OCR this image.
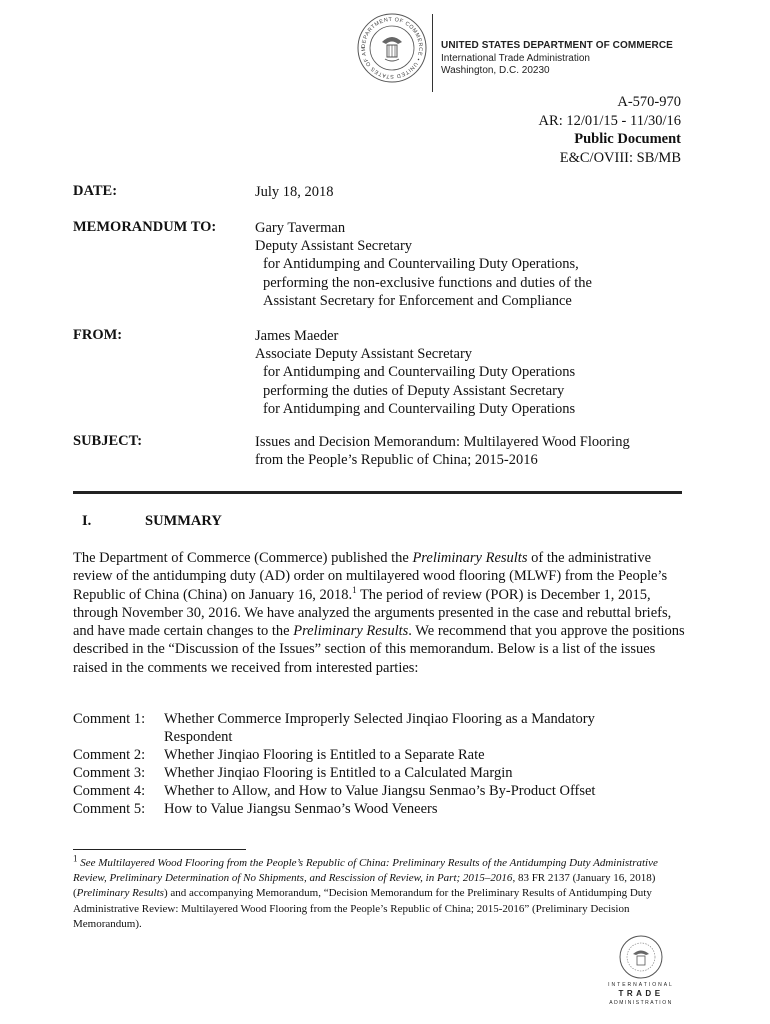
DEPARTMENT OF COMMERCE • UNITED STATES OF AM	UNITED STATES DEPARTMENT OF COMMERCE
International Trade Administration
Washington, D.C. 20230
A-570-970
AR: 12/01/15 - 11/30/16
Public Document
E&C/OVIII: SB/MB
DATE:	July 18, 2018
MEMORANDUM TO:	Gary Taverman
Deputy Assistant Secretary
for Antidumping and Countervailing Duty Operations,
performing the non-exclusive functions and duties of the
Assistant Secretary for Enforcement and Compliance
FROM:	James Maeder
Associate Deputy Assistant Secretary
for Antidumping and Countervailing Duty Operations
performing the duties of Deputy Assistant Secretary
for Antidumping and Countervailing Duty Operations
SUBJECT:	Issues and Decision Memorandum: Multilayered Wood Flooring
from the People’s Republic of China; 2015-2016
I.	SUMMARY

The Department of Commerce (Commerce) published the Preliminary Results of the administrative review of the antidumping duty (AD) order on multilayered wood flooring (MLWF) from the People’s Republic of China (China) on January 16, 2018.$^1$ The period of review (POR) is December 1, 2015, through November 30, 2016. We have analyzed the arguments presented in the case and rebuttal briefs, and have made certain changes to the Preliminary Results. We recommend that you approve the positions described in the “Discussion of the Issues” section of this memorandum. Below is a list of the issues raised in the comments we received from interested parties:

Comment 1:	Whether Commerce Improperly Selected Jinqiao Flooring as a Mandatory Respondent
Comment 2:	Whether Jinqiao Flooring is Entitled to a Separate Rate
Comment 3:	Whether Jinqiao Flooring is Entitled to a Calculated Margin
Comment 4:	Whether to Allow, and How to Value Jiangsu Senmao’s By-Product Offset
Comment 5:	How to Value Jiangsu Senmao’s Wood Veneers
$^1$ See Multilayered Wood Flooring from the People’s Republic of China: Preliminary Results of the Antidumping Duty Administrative Review, Preliminary Determination of No Shipments, and Rescission of Review, in Part; 2015–2016, 83 FR 2137 (January 16, 2018) (Preliminary Results) and accompanying Memorandum, “Decision Memorandum for the Preliminary Results of Antidumping Duty Administrative Review: Multilayered Wood Flooring from the People’s Republic of China; 2015-2016” (Preliminary Decision Memorandum).
INTERNATIONAL
TRADE
ADMINISTRATION
